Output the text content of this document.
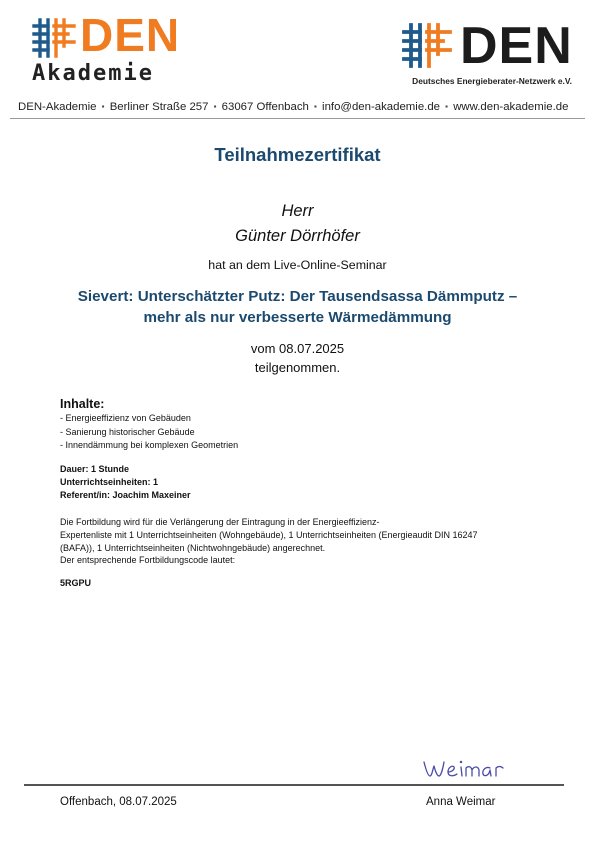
DEN
Akademie	DEN
Deutsches Energieberater-Netzwerk e.V.
DEN-Akademie ▪ Berliner Straße 257 ▪ 63067 Offenbach ▪ info@den-akademie.de ▪ www.den-akademie.de
Teilnahmezertifikat
Herr
Günter Dörrhöfer
hat an dem Live-Online-Seminar
Sievert: Unterschätzter Putz: Der Tausendsassa Dämmputz –
mehr als nur verbesserte Wärmedämmung
vom 08.07.2025
teilgenommen.
Inhalte:
- Energieeffizienz von Gebäuden
- Sanierung historischer Gebäude
- Innendämmung bei komplexen Geometrien
Dauer: 1 Stunde
Unterrichtseinheiten: 1
Referent/in: Joachim Maxeiner
Die Fortbildung wird für die Verlängerung der Eintragung in der Energieeffizienz-
Expertenliste mit 1 Unterrichtseinheiten (Wohngebäude), 1 Unterrichtseinheiten (Energieaudit DIN 16247
(BAFA)), 1 Unterrichtseinheiten (Nichtwohngebäude) angerechnet.
Der entsprechende Fortbildungscode lautet:
5RGPU
Offenbach, 08.07.2025	Anna Weimar
